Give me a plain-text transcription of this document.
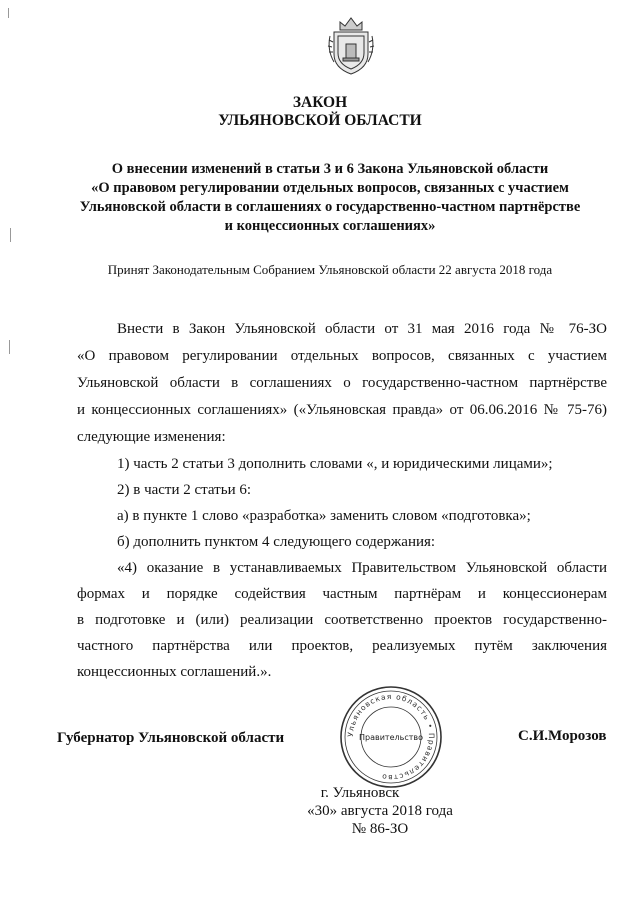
ЗАКОН
УЛЬЯНОВСКОЙ ОБЛАСТИ
О внесении изменений в статьи 3 и 6 Закона Ульяновской области
«О правовом регулировании отдельных вопросов, связанных с участием
Ульяновской области в соглашениях о государственно-частном партнёрстве
и концессионных соглашениях»
Принят Законодательным Собранием Ульяновской области 22 августа 2018 года
Внести в Закон Ульяновской области от 31 мая 2016 года № 76-ЗО
«О правовом регулировании отдельных вопросов, связанных с участием
Ульяновской области в соглашениях о государственно-частном партнёрстве
и концессионных соглашениях» («Ульяновская правда» от 06.06.2016 № 75-76)
следующие изменения:
1) часть 2 статьи 3 дополнить словами «, и юридическими лицами»;
2) в части 2 статьи 6:
а) в пункте 1 слово «разработка» заменить словом «подготовка»;
б) дополнить пунктом 4 следующего содержания:
«4) оказание в устанавливаемых Правительством Ульяновской области
формах и порядке содействия частным партнёрам и концессионерам
в подготовке и (или) реализации соответственно проектов государственно-
частного партнёрства или проектов, реализуемых путём заключения
концессионных соглашений.».
Ульяновская область • Правительство
Правительство
Губернатор Ульяновской области	С.И.Морозов
г. Ульяновск
«30» августа 2018 года
№ 86-ЗО
